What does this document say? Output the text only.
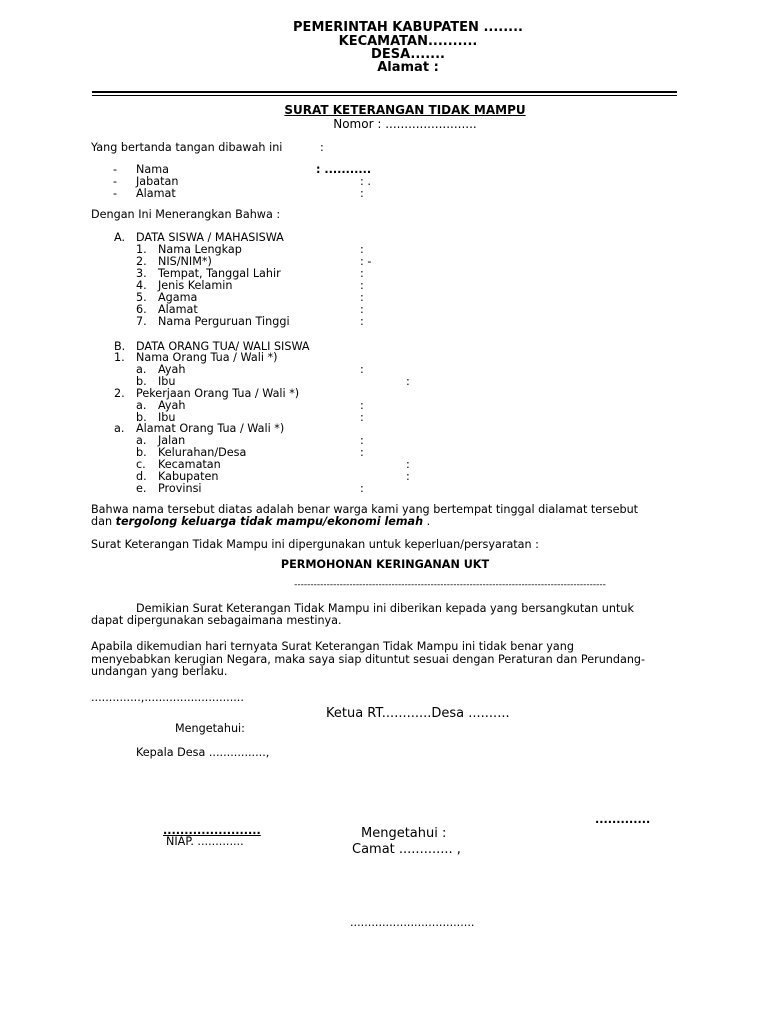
PEMERINTAH KABUPATEN ........
KECAMATAN..........
DESA.......
Alamat :
SURAT KETERANGAN TIDAK MAMPU
Nomor : ........................
Yang bertanda tangan dibawah ini	:
- Nama	: ...........
- Jabatan	: .
- Alamat	:
Dengan Ini Menerangkan Bahwa :
A. DATA SISWA / MAHASISWA
1. Nama Lengkap	:
2. NIS/NIM*)	: -
3. Tempat, Tanggal Lahir	:
4. Jenis Kelamin	:
5. Agama	:
6. Alamat	:
7. Nama Perguruan Tinggi	:
B. DATA ORANG TUA/ WALI SISWA
1. Nama Orang Tua / Wali *)
a. Ayah	:
b. Ibu	:
2. Pekerjaan Orang Tua / Wali *)
a. Ayah	:
b. Ibu	:
a. Alamat Orang Tua / Wali *)
a. Jalan	:
b. Kelurahan/Desa	:
c. Kecamatan	:
d. Kabupaten	:
e. Provinsi	:
Bahwa nama tersebut diatas adalah benar warga kami yang bertempat tinggal dialamat tersebut
dan tergolong keluarga tidak mampu/ekonomi lemah .
Surat Keterangan Tidak Mampu ini dipergunakan untuk keperluan/persyaratan :
PERMOHONAN KERINGANAN UKT
------------------------------------------------------------------------------------------------
Demikian Surat Keterangan Tidak Mampu ini diberikan kepada yang bersangkutan untuk
dapat dipergunakan sebagaimana mestinya.
Apabila dikemudian hari ternyata Surat Keterangan Tidak Mampu ini tidak benar yang
menyebabkan kerugian Negara, maka saya siap dituntut sesuai dengan Peraturan dan Perundang-
undangan yang berlaku.
..............,............................
Ketua RT............Desa ..........
Mengetahui:
Kepala Desa ................,
.............
.......................
NIAP. .............
Mengetahui :
Camat ............. ,
...................................
